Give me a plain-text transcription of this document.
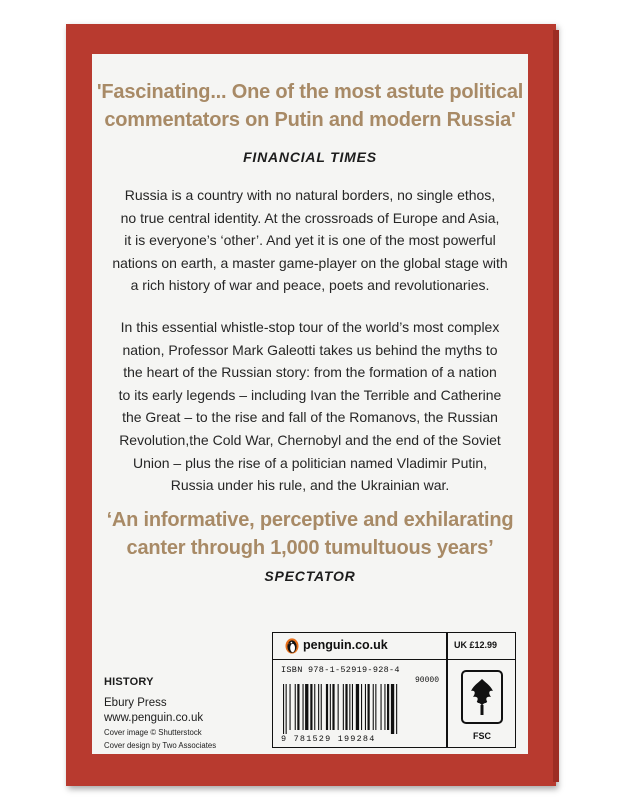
'Fascinating... One of the most astute political
commentators on Putin and modern Russia'
FINANCIAL TIMES

Russia is a country with no natural borders, no single ethos,

no true central identity. At the crossroads of Europe and Asia,

it is everyone’s ‘other’. And yet it is one of the most powerful

nations on earth, a master game-player on the global stage with

a rich history of war and peace, poets and revolutionaries.

In this essential whistle-stop tour of the world’s most complex

nation, Professor Mark Galeotti takes us behind the myths to

the heart of the Russian story: from the formation of a nation

to its early legends – including Ivan the Terrible and Catherine

the Great – to the rise and fall of the Romanovs, the Russian

Revolution,the Cold War, Chernobyl and the end of the Soviet

Union – plus the rise of a politician named Vladimir Putin,

Russia under his rule, and the Ukrainian war.

‘An informative, perceptive and exhilarating
canter through 1,000 tumultuous years’
SPECTATOR
HISTORY
Ebury Press
www.penguin.co.uk
Cover image © Shutterstock
Cover design by Two Associates
penguin.co.uk	UK £12.99
ISBN 978-1-52919-928-4
90000
9 781529 199284	FSC
